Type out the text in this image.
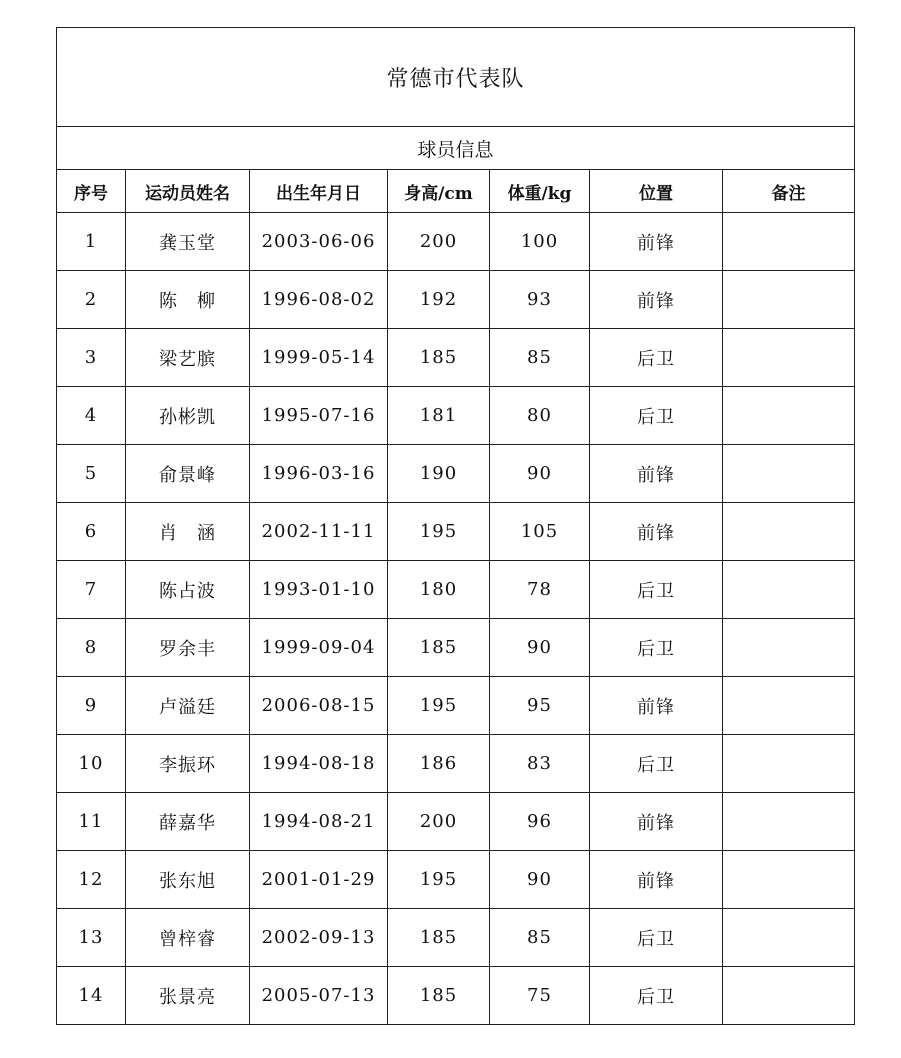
常德市代表队						
球员信息						
序号	运动员姓名	出生年月日	身高/cm	体重/kg	位置	备注
1	龚玉堂	2003-06-06	200	100	前锋	
2	陈　柳	1996-08-02	192	93	前锋	
3	梁艺膑	1999-05-14	185	85	后卫	
4	孙彬凯	1995-07-16	181	80	后卫	
5	俞景峰	1996-03-16	190	90	前锋	
6	肖　涵	2002-11-11	195	105	前锋	
7	陈占波	1993-01-10	180	78	后卫	
8	罗余丰	1999-09-04	185	90	后卫	
9	卢溢廷	2006-08-15	195	95	前锋	
10	李振环	1994-08-18	186	83	后卫	
11	薛嘉华	1994-08-21	200	96	前锋	
12	张东旭	2001-01-29	195	90	前锋	
13	曾梓睿	2002-09-13	185	85	后卫	
14	张景亮	2005-07-13	185	75	后卫	
